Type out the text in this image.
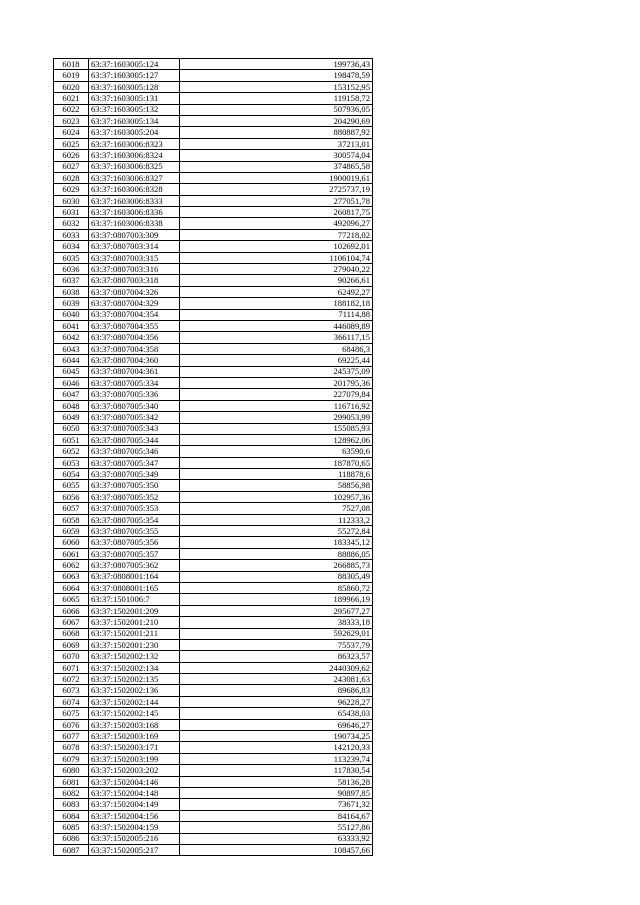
6018	63:37:1603005:124	199736,43
6019	63:37:1603005:127	198478,59
6020	63:37:1603005:128	153152,95
6021	63:37:1603005:131	119158,72
6022	63:37:1603005:132	507936,05
6023	63:37:1603005:134	204290,69
6024	63:37:1603005:204	880887,92
6025	63:37:1603006:8323	37213,01
6026	63:37:1603006:8324	300574,04
6027	63:37:1603006:8325	374865,58
6028	63:37:1603006:8327	1900019,61
6029	63:37:1603006:8328	2725737,19
6030	63:37:1603006:8333	277051,78
6031	63:37:1603006:8336	260817,75
6032	63:37:1603006:8338	492096,27
6033	63:37:0807003:309	77218,02
6034	63:37:0807003:314	102692,01
6035	63:37:0807003:315	1106104,74
6036	63:37:0807003:316	279040,22
6037	63:37:0807003:318	90266,61
6038	63:37:0807004:326	62492,27
6039	63:37:0807004:329	188182,18
6040	63:37:0807004:354	71114,88
6041	63:37:0807004:355	446089,89
6042	63:37:0807004:356	366117,15
6043	63:37:0807004:358	68486,3
6044	63:37:0807004:360	69225,44
6045	63:37:0807004:361	245375,09
6046	63:37:0807005:334	201795,36
6047	63:37:0807005:336	227079,84
6048	63:37:0807005:340	116716,92
6049	63:37:0807005:342	299053,99
6050	63:37:0807005:343	155085,93
6051	63:37:0807005:344	128962,06
6052	63:37:0807005:346	63590,6
6053	63:37:0807005:347	187870,65
6054	63:37:0807005:349	118878,6
6055	63:37:0807005:350	58856,98
6056	63:37:0807005:352	102957,36
6057	63:37:0807005:353	7527,08
6058	63:37:0807005:354	112333,2
6059	63:37:0807005:355	55272,84
6060	63:37:0807005:356	183345,12
6061	63:37:0807005:357	88886,05
6062	63:37:0807005:362	266885,73
6063	63:37:0808001:164	88305,49
6064	63:37:0808001:165	85860,72
6065	63:37:1501006:7	189966,19
6066	63:37:1502001:209	295677,27
6067	63:37:1502001:210	38333,18
6068	63:37:1502001:211	592629,01
6069	63:37:1502001:230	75537,79
6070	63:37:1502002:132	86323,57
6071	63:37:1502002:134	2440309,62
6072	63:37:1502002:135	243081,63
6073	63:37:1502002:136	89686,83
6074	63:37:1502002:144	96228,27
6075	63:37:1502002:145	65438,03
6076	63:37:1502003:168	69646,27
6077	63:37:1502003:169	190734,25
6078	63:37:1502003:171	142120,33
6079	63:37:1502003:199	113239,74
6080	63:37:1502003:202	117830,54
6081	63:37:1502004:146	58136,28
6082	63:37:1502004:148	90897,85
6083	63:37:1502004:149	73671,32
6084	63:37:1502004:156	84164,67
6085	63:37:1502004:159	55127,86
6086	63:37:1502005:216	63333,92
6087	63:37:1502005:217	108457,66
